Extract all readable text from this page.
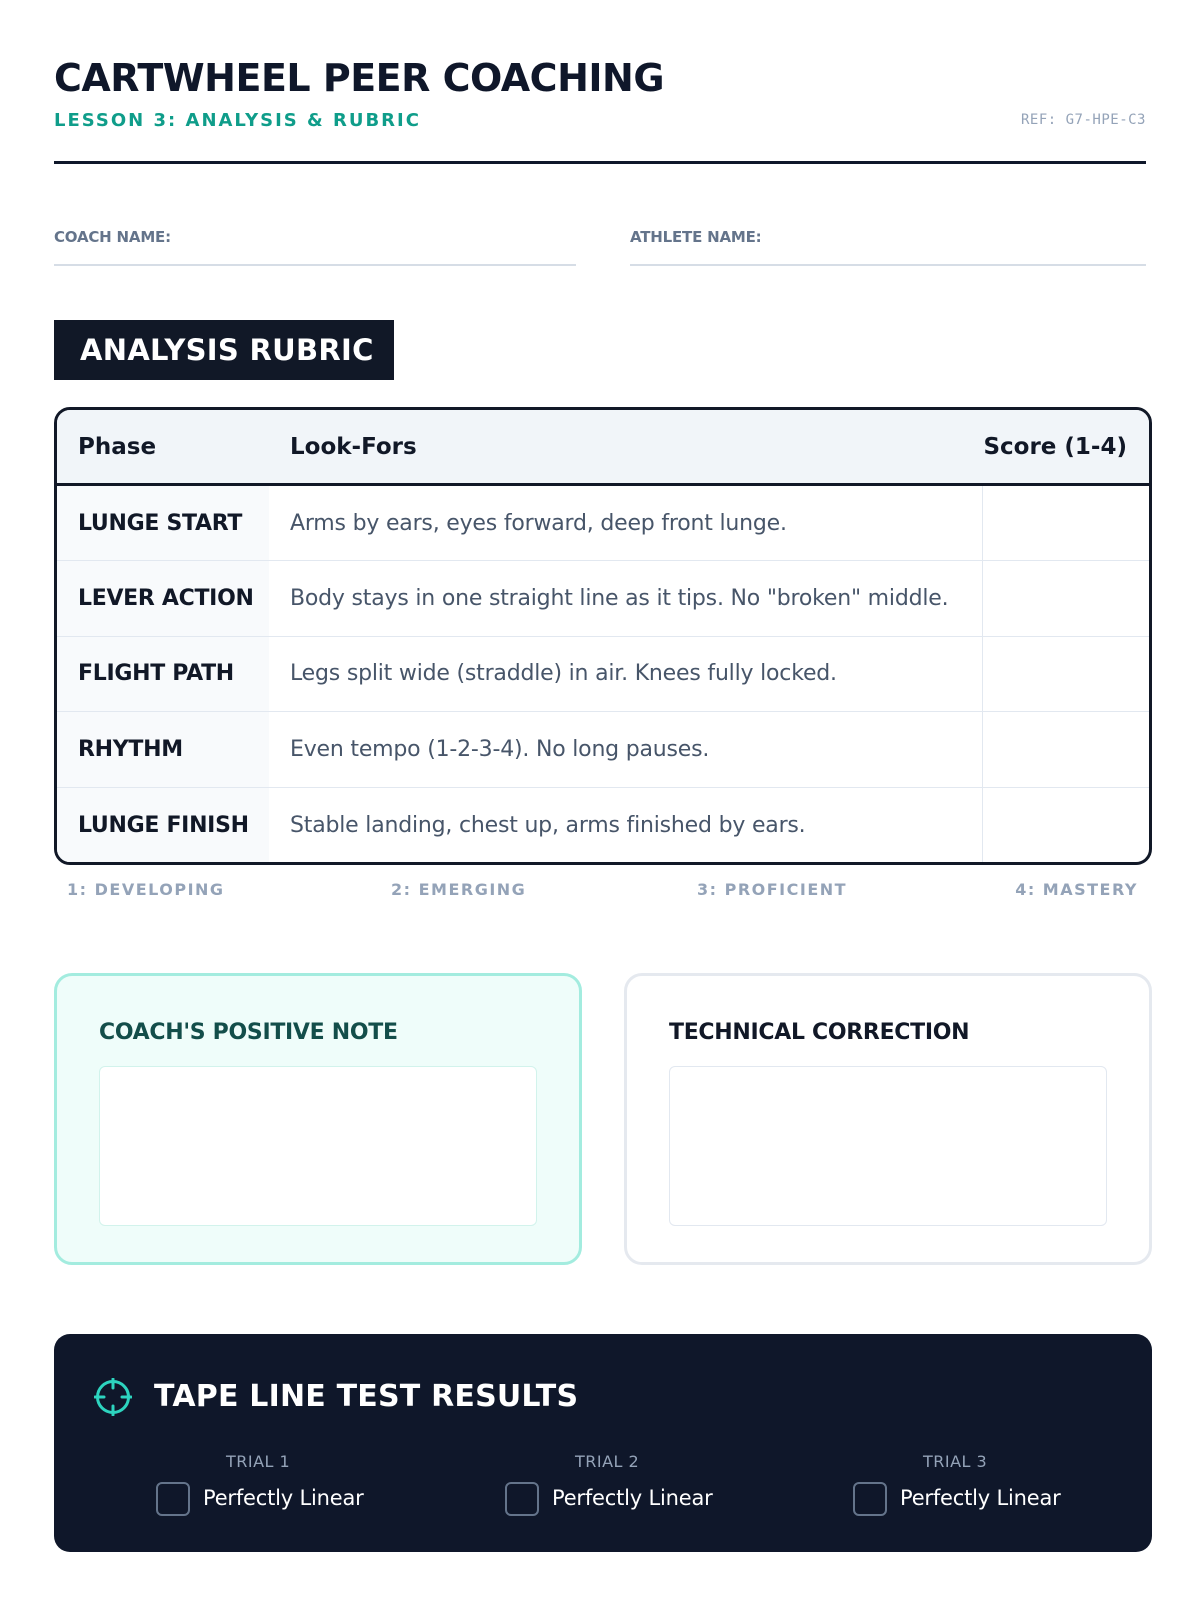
CARTWHEEL PEER COACHING
LESSON 3: ANALYSIS & RUBRIC	REF: G7-HPE-C3
COACH NAME:	ATHLETE NAME:
ANALYSIS RUBRIC
Phase	Look-Fors	Score (1-4)
LUNGE START	Arms by ears, eyes forward, deep front lunge.
LEVER ACTION	Body stays in one straight line as it tips. No "broken" middle.
FLIGHT PATH	Legs split wide (straddle) in air. Knees fully locked.
RHYTHM	Even tempo (1-2-3-4). No long pauses.
LUNGE FINISH	Stable landing, chest up, arms finished by ears.
1: DEVELOPING	2: EMERGING	3: PROFICIENT	4: MASTERY
COACH'S POSITIVE NOTE	TECHNICAL CORRECTION
TAPE LINE TEST RESULTS
TRIAL 1
Perfectly Linear
TRIAL 2
Perfectly Linear
TRIAL 3
Perfectly Linear
